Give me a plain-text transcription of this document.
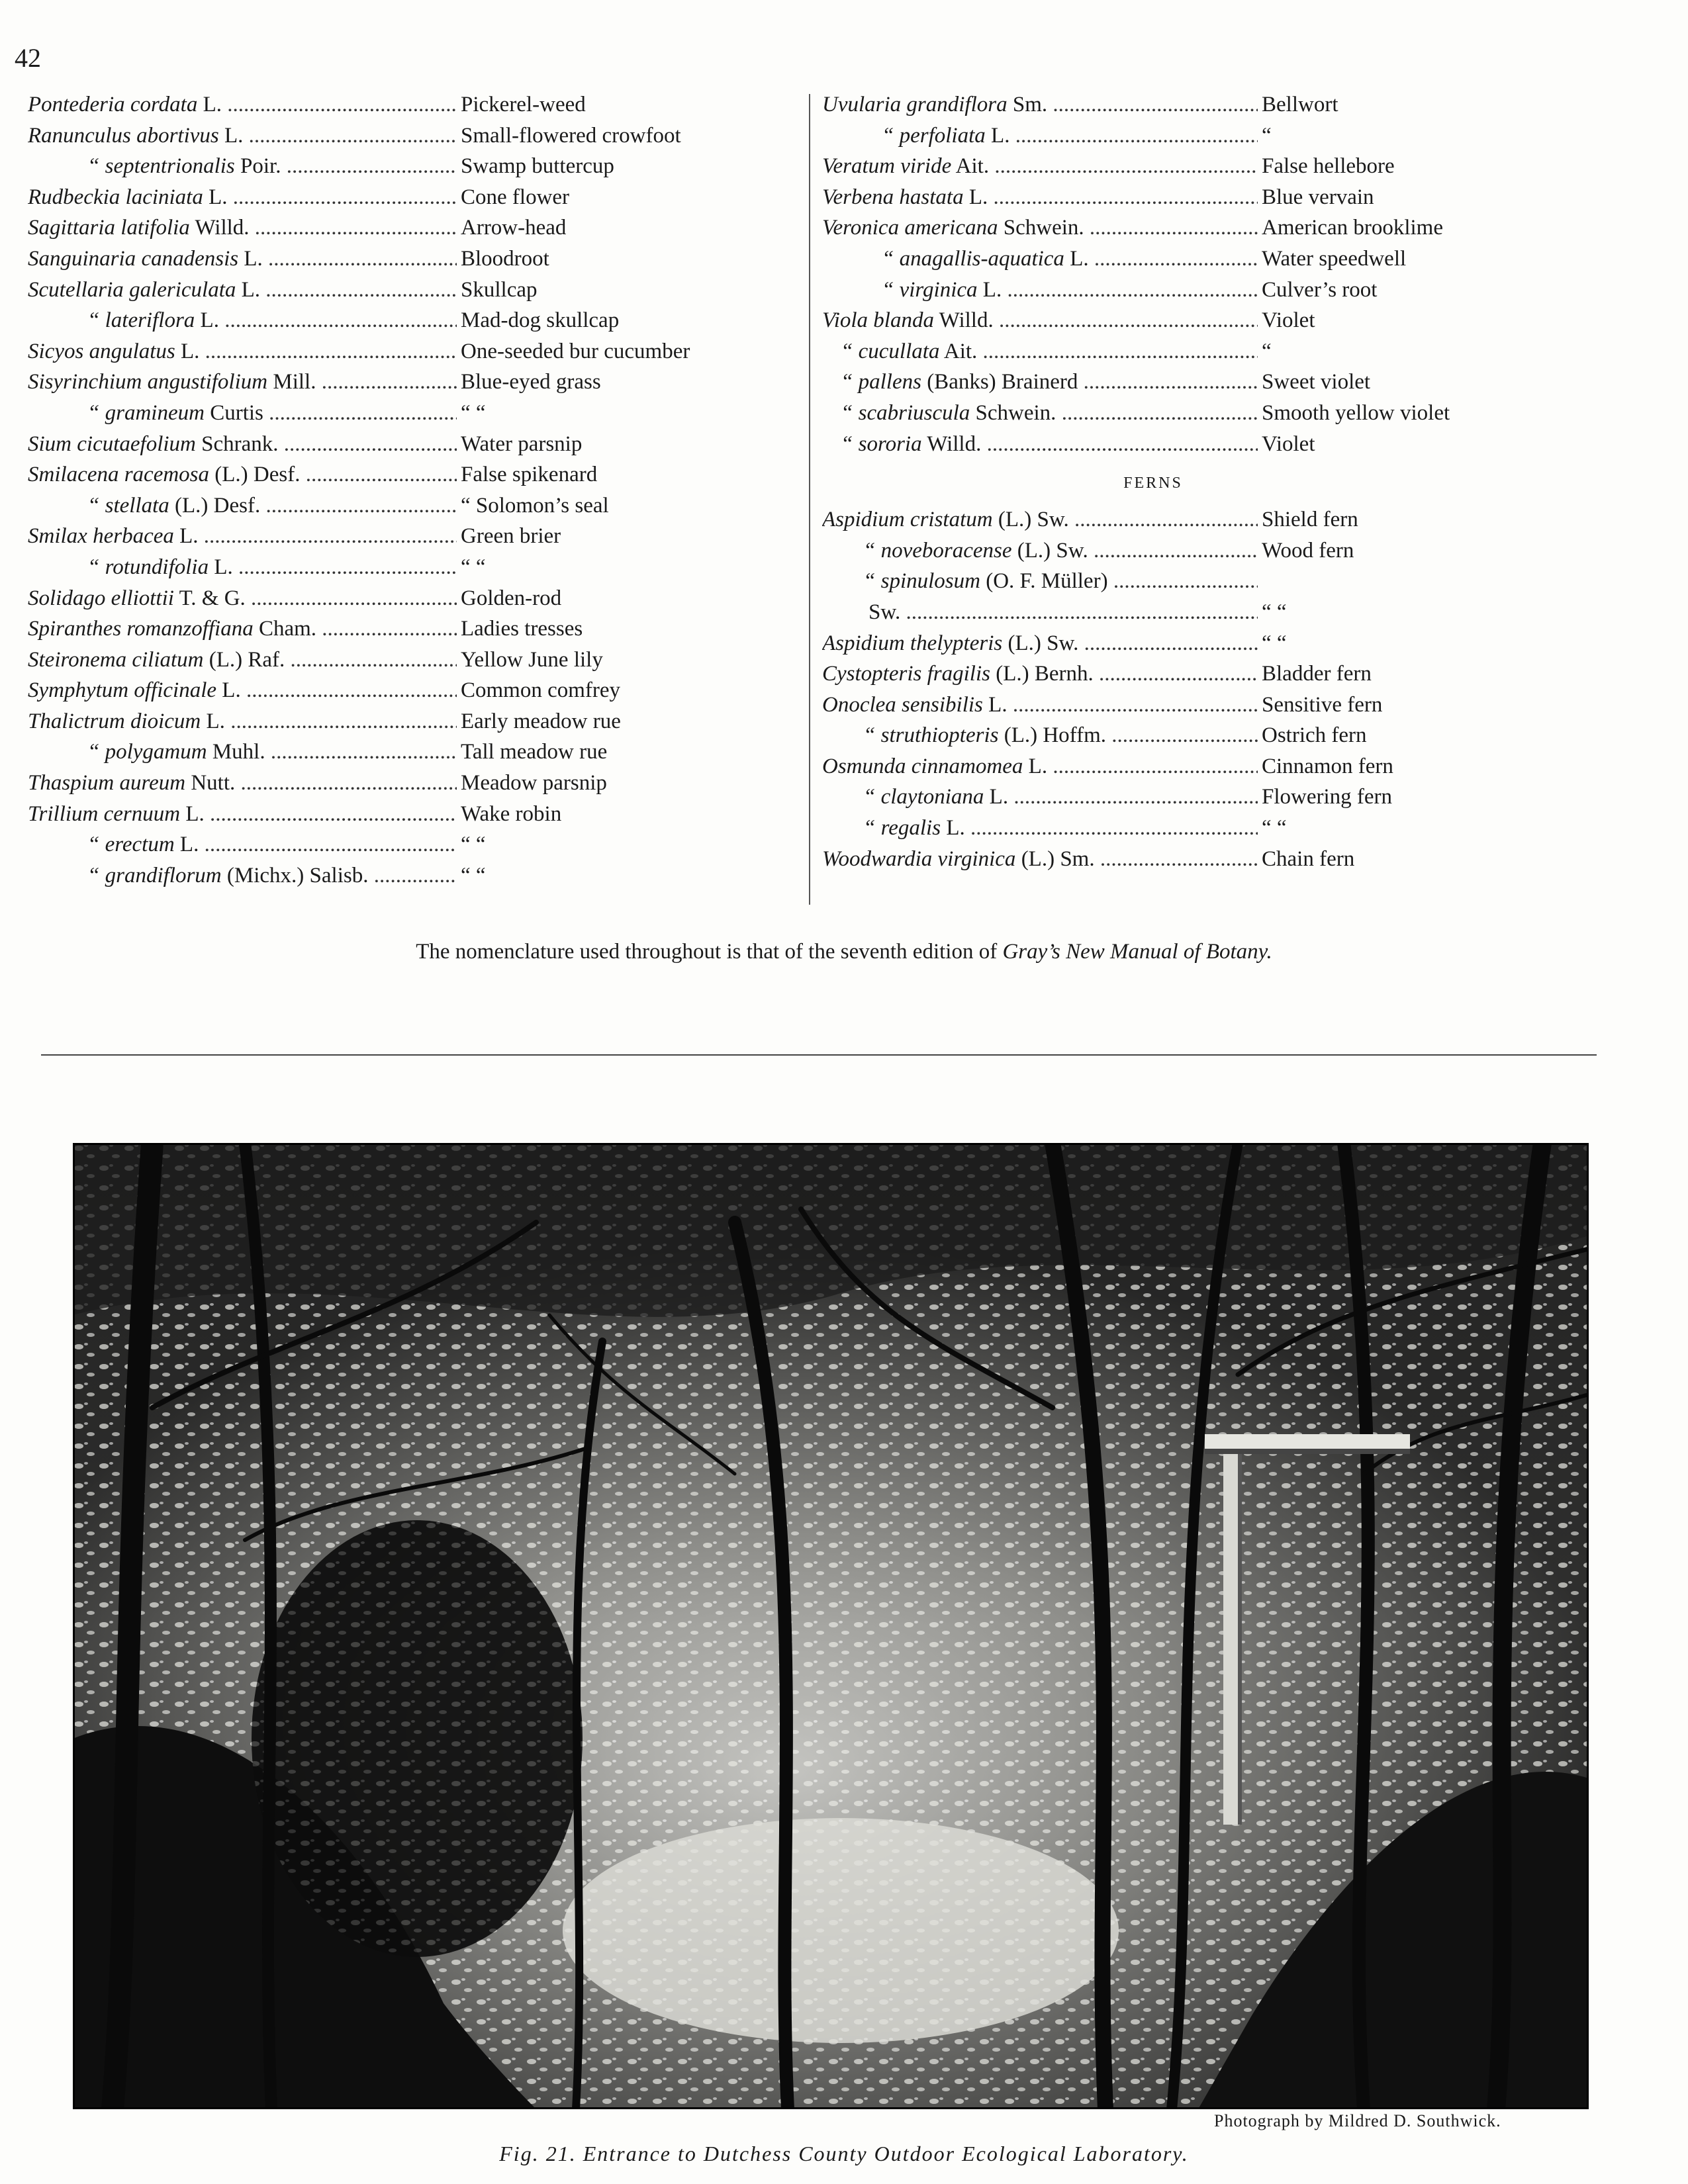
42
Pontederia cordata L. .....	Pickerel-weed
Ranunculus abortivus L. .....	Small-flowered crowfoot
“ septentrionalis Poir. .....	Swamp buttercup
Rudbeckia laciniata L. .....	Cone flower
Sagittaria latifolia Willd. .....	Arrow-head
Sanguinaria canadensis L. .....	Bloodroot
Scutellaria galericulata L. .....	Skullcap
“ lateriflora L. .....	Mad-dog skullcap
Sicyos angulatus L. .....	One-seeded bur cucumber
Sisyrinchium angustifolium Mill. .....	Blue-eyed grass
“ gramineum Curtis .....	“ “
Sium cicutaefolium Schrank. .....	Water parsnip
Smilacena racemosa (L.) Desf. .....	False spikenard
“ stellata (L.) Desf. .....	“ Solomon’s seal
Smilax herbacea L. .....	Green brier
“ rotundifolia L. .....	“ “
Solidago elliottii T. & G. .....	Golden-rod
Spiranthes romanzoffiana Cham. .....	Ladies tresses
Steironema ciliatum (L.) Raf. .....	Yellow June lily
Symphytum officinale L. .....	Common comfrey
Thalictrum dioicum L. .....	Early meadow rue
“ polygamum Muhl. .....	Tall meadow rue
Thaspium aureum Nutt. .....	Meadow parsnip
Trillium cernuum L. .....	Wake robin
“ erectum L. .....	“ “
“ grandiflorum (Michx.) Salisb. .....	“ “
Uvularia grandiflora Sm. .....	Bellwort
“ perfoliata L. .....	“
Veratum viride Ait. .....	False hellebore
Verbena hastata L. .....	Blue vervain
Veronica americana Schwein. .....	American brooklime
“ anagallis-aquatica L. .....	Water speedwell
“ virginica L. .....	Culver’s root
Viola blanda Willd. .....	Violet
“ cucullata Ait. .....	“
“ pallens (Banks) Brainerd .....	Sweet violet
“ scabriuscula Schwein. .....	Smooth yellow violet
“ sororia Willd. .....	Violet
FERNS
Aspidium cristatum (L.) Sw. .....	Shield fern
“ noveboracense (L.) Sw. .....	Wood fern
“ spinulosum (O. F. Müller) .....
Sw. .....	“ “
Aspidium thelypteris (L.) Sw. .....	“ “
Cystopteris fragilis (L.) Bernh. .....	Bladder fern
Onoclea sensibilis L. .....	Sensitive fern
“ struthiopteris (L.) Hoffm. .....	Ostrich fern
Osmunda cinnamomea L. .....	Cinnamon fern
“ claytoniana L. .....	Flowering fern
“ regalis L. .....	“ “
Woodwardia virginica (L.) Sm. .....	Chain fern
The nomenclature used throughout is that of the seventh edition of Gray’s New Manual of Botany.
Photograph by Mildred D. Southwick.
Fig. 21. Entrance to Dutchess County Outdoor Ecological Laboratory.
